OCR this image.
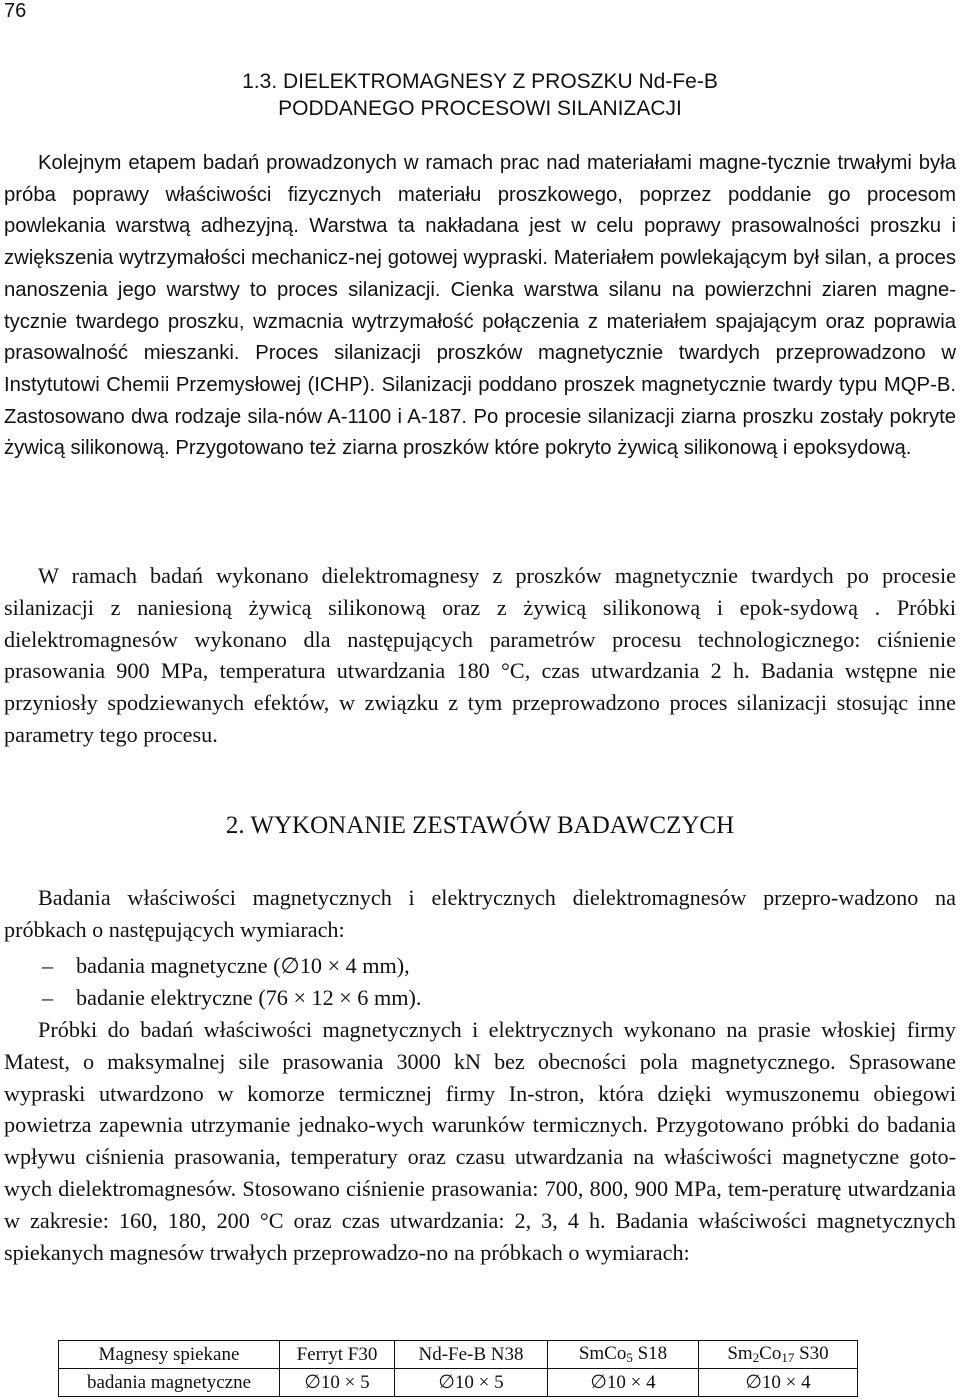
76
1.3. DIELEKTROMAGNESY Z PROSZKU Nd-Fe-B
PODDANEGO PROCESOWI SILANIZACJI

Kolejnym etapem badań prowadzonych w ramach prac nad materiałami magne-tycznie trwałymi była próba poprawy właściwości fizycznych materiału proszkowego, poprzez poddanie go procesom powlekania warstwą adhezyjną. Warstwa ta nakładana jest w celu poprawy prasowalności proszku i zwiększenia wytrzymałości mechanicz-nej gotowej wypraski. Materiałem powlekającym był silan, a proces nanoszenia jego warstwy to proces silanizacji. Cienka warstwa silanu na powierzchni ziaren magne-tycznie twardego proszku, wzmacnia wytrzymałość połączenia z materiałem spajającym oraz poprawia prasowalność mieszanki. Proces silanizacji proszków magnetycznie twardych przeprowadzono w Instytutowi Chemii Przemysłowej (ICHP). Silanizacji poddano proszek magnetycznie twardy typu MQP-B. Zastosowano dwa rodzaje sila-nów A-1100 i A-187. Po procesie silanizacji ziarna proszku zostały pokryte żywicą silikonową. Przygotowano też ziarna proszków które pokryto żywicą silikonową i epoksydową.

W ramach badań wykonano dielektromagnesy z proszków magnetycznie twardych po procesie silanizacji z naniesioną żywicą silikonową oraz z żywicą silikonową i epok-sydową . Próbki dielektromagnesów wykonano dla następujących parametrów procesu technologicznego: ciśnienie prasowania 900 MPa, temperatura utwardzania 180 °C, czas utwardzania 2 h. Badania wstępne nie przyniosły spodziewanych efektów, w związku z tym przeprowadzono proces silanizacji stosując inne parametry tego procesu.

2. WYKONANIE ZESTAWÓW BADAWCZYCH

Badania właściwości magnetycznych i elektrycznych dielektromagnesów przepro-wadzono na próbkach o następujących wymiarach:

– badania magnetyczne (∅10 × 4 mm),
– badanie elektryczne (76 × 12 × 6 mm).

Próbki do badań właściwości magnetycznych i elektrycznych wykonano na prasie włoskiej firmy Matest, o maksymalnej sile prasowania 3000 kN bez obecności pola magnetycznego. Sprasowane wypraski utwardzono w komorze termicznej firmy In-stron, która dzięki wymuszonemu obiegowi powietrza zapewnia utrzymanie jednako-wych warunków termicznych. Przygotowano próbki do badania wpływu ciśnienia prasowania, temperatury oraz czasu utwardzania na właściwości magnetyczne goto-wych dielektromagnesów. Stosowano ciśnienie prasowania: 700, 800, 900 MPa, tem-peraturę utwardzania w zakresie: 160, 180, 200 °C oraz czas utwardzania: 2, 3, 4 h. Badania właściwości magnetycznych spiekanych magnesów trwałych przeprowadzo-no na próbkach o wymiarach:

Magnesy spiekane	Ferryt F30	Nd-Fe-B N38	SmCo$_5$ S18	$Sm_2Co_{17}$ S30
badania magnetyczne	∅10 × 5	∅10 × 5	∅10 × 4	∅10 × 4
